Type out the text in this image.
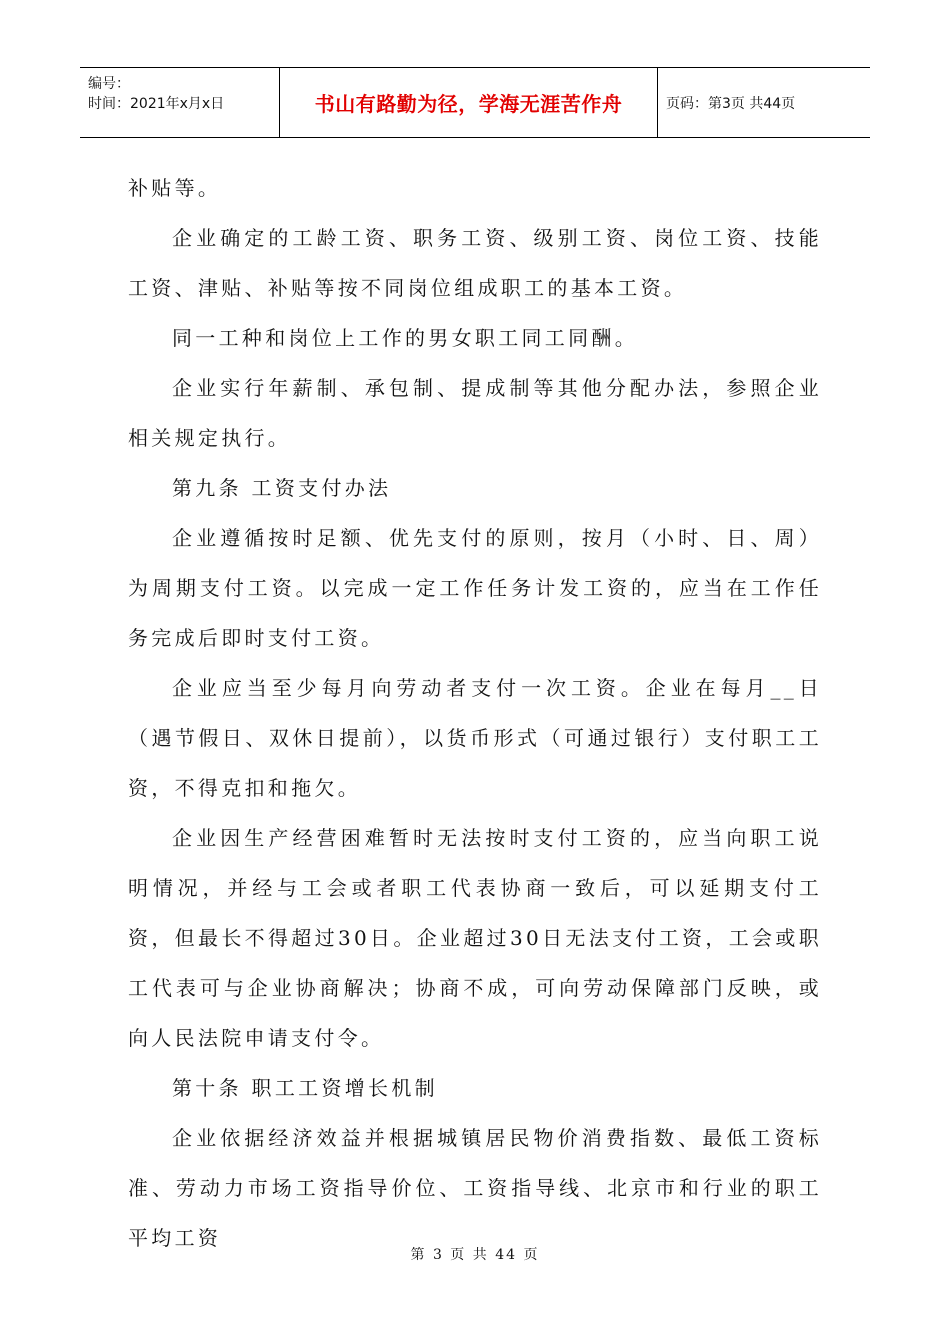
编号：
时间：2021年x月x日	书山有路勤为径，学海无涯苦作舟	页码：第3页 共44页

补贴等。

企业确定的工龄工资、职务工资、级别工资、岗位工资、技能工资、津贴、补贴等按不同岗位组成职工的基本工资。

同一工种和岗位上工作的男女职工同工同酬。

企业实行年薪制、承包制、提成制等其他分配办法，参照企业相关规定执行。

第九条 工资支付办法

企业遵循按时足额、优先支付的原则，按月（小时、日、周）为周期支付工资。以完成一定工作任务计发工资的，应当在工作任务完成后即时支付工资。

企业应当至少每月向劳动者支付一次工资。企业在每月__日（遇节假日、双休日提前），以货币形式（可通过银行）支付职工工资，不得克扣和拖欠。

企业因生产经营困难暂时无法按时支付工资的，应当向职工说明情况，并经与工会或者职工代表协商一致后，可以延期支付工资，但最长不得超过30日。企业超过30日无法支付工资，工会或职工代表可与企业协商解决；协商不成，可向劳动保障部门反映，或向人民法院申请支付令。

第十条 职工工资增长机制

企业依据经济效益并根据城镇居民物价消费指数、最低工资标准、劳动力市场工资指导价位、工资指导线、北京市和行业的职工平均工资

第 3 页 共 44 页
